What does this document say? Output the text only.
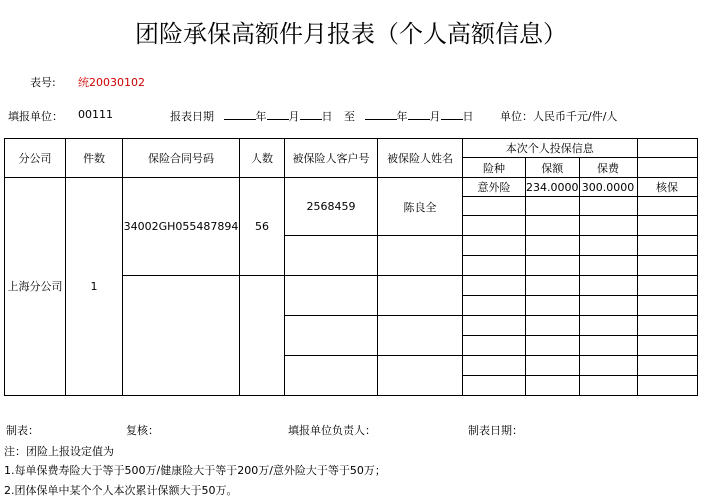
团险承保高额件月报表（个人高额信息）
表号: 统20030102
填报单位： 00111	报表日期	年 月 日 至	年 月 日 单位：人民币千元/件/人
分公司	件数	保险合同号码	人数	被保险人客户号	被保险人姓名	本次个人投保信息			
						险种	保额	保费	
上海分公司	1	34002GH055487894	56	2568459	陈良全	意外险	234.0000	300.0000	核保

制表：	复核：	填报单位负责人：	制表日期：
注：团险上报设定值为
1.每单保费寿险大于等于500万/健康险大于等于200万/意外险大于等于50万；
2.团体保单中某个个人本次累计保额大于50万。
